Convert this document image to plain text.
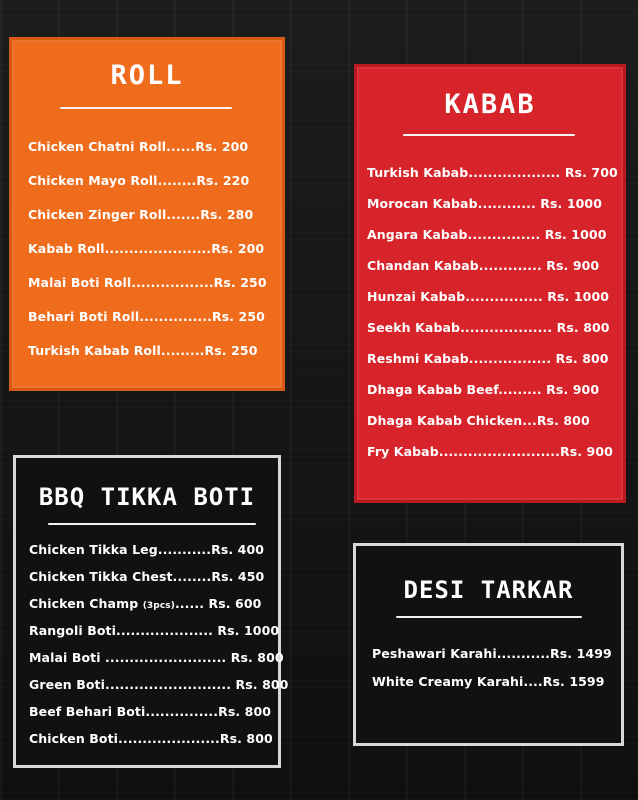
ROLL
Chicken Chatni Roll......Rs. 200
Chicken Mayo Roll........Rs. 220
Chicken Zinger Roll.......Rs. 280
Kabab Roll......................Rs. 200
Malai Boti Roll.................Rs. 250
Behari Boti Roll...............Rs. 250
Turkish Kabab Roll.........Rs. 250
KABAB
Turkish Kabab................... Rs. 700
Morocan Kabab............ Rs. 1000
Angara Kabab............... Rs. 1000
Chandan Kabab............. Rs. 900
Hunzai Kabab................ Rs. 1000
Seekh Kabab................... Rs. 800
Reshmi Kabab................. Rs. 800
Dhaga Kabab Beef......... Rs. 900
Dhaga Kabab Chicken...Rs. 800
Fry Kabab.........................Rs. 900
BBQ TIKKA BOTI
Chicken Tikka Leg...........Rs. 400
Chicken Tikka Chest........Rs. 450
Chicken Champ (3pcs)...... Rs. 600
Rangoli Boti.................... Rs. 1000
Malai Boti ......................... Rs. 800
Green Boti.......................... Rs. 800
Beef Behari Boti...............Rs. 800
Chicken Boti.....................Rs. 800
DESI TARKAR
Peshawari Karahi...........Rs. 1499
White Creamy Karahi....Rs. 1599
